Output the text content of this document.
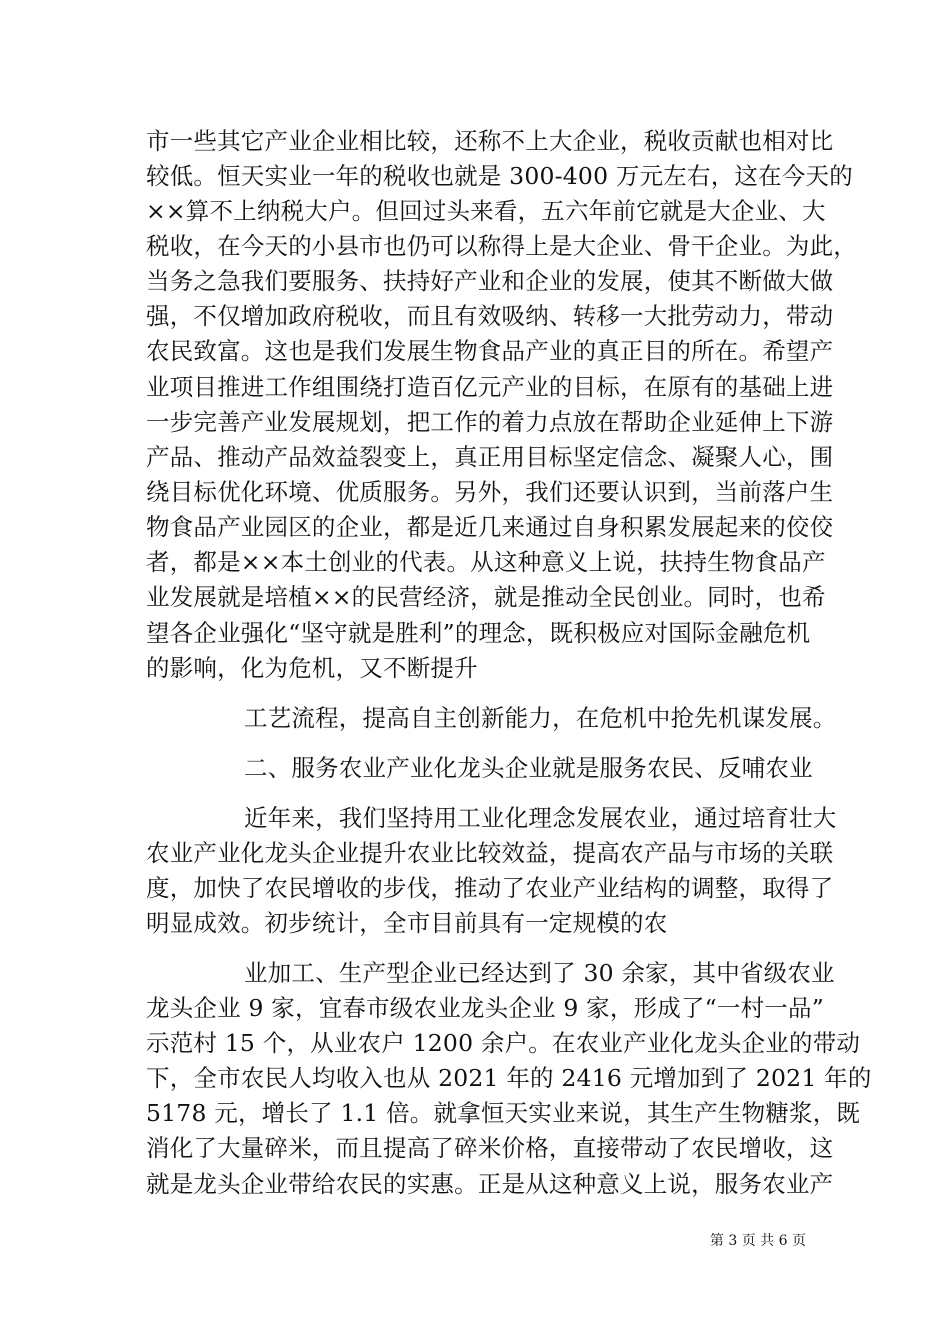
市一些其它产业企业相比较，还称不上大企业，税收贡献也相对比
较低。恒天实业一年的税收也就是 300-400 万元左右，这在今天的
××算不上纳税大户。但回过头来看，五六年前它就是大企业、大
税收，在今天的小县市也仍可以称得上是大企业、骨干企业。为此，
当务之急我们要服务、扶持好产业和企业的发展，使其不断做大做
强，不仅增加政府税收，而且有效吸纳、转移一大批劳动力，带动
农民致富。这也是我们发展生物食品产业的真正目的所在。希望产
业项目推进工作组围绕打造百亿元产业的目标，在原有的基础上进
一步完善产业发展规划，把工作的着力点放在帮助企业延伸上下游
产品、推动产品效益裂变上，真正用目标坚定信念、凝聚人心，围
绕目标优化环境、优质服务。另外，我们还要认识到，当前落户生
物食品产业园区的企业，都是近几来通过自身积累发展起来的佼佼
者，都是××本土创业的代表。从这种意义上说，扶持生物食品产
业发展就是培植××的民营经济，就是推动全民创业。同时，也希
望各企业强化“坚守就是胜利”的理念，既积极应对国际金融危机
的影响，化为危机，又不断提升
工艺流程，提高自主创新能力，在危机中抢先机谋发展。
二、服务农业产业化龙头企业就是服务农民、反哺农业
近年来，我们坚持用工业化理念发展农业，通过培育壮大
农业产业化龙头企业提升农业比较效益，提高农产品与市场的关联
度，加快了农民增收的步伐，推动了农业产业结构的调整，取得了
明显成效。初步统计，全市目前具有一定规模的农
业加工、生产型企业已经达到了 30 余家，其中省级农业
龙头企业 9 家，宜春市级农业龙头企业 9 家，形成了“一村一品”
示范村 15 个，从业农户 1200 余户。在农业产业化龙头企业的带动
下，全市农民人均收入也从 2021 年的 2416 元增加到了 2021 年的
5178 元，增长了 1.1 倍。就拿恒天实业来说，其生产生物糖浆，既
消化了大量碎米，而且提高了碎米价格，直接带动了农民增收，这
就是龙头企业带给农民的实惠。正是从这种意义上说，服务农业产
第 3 页 共 6 页
